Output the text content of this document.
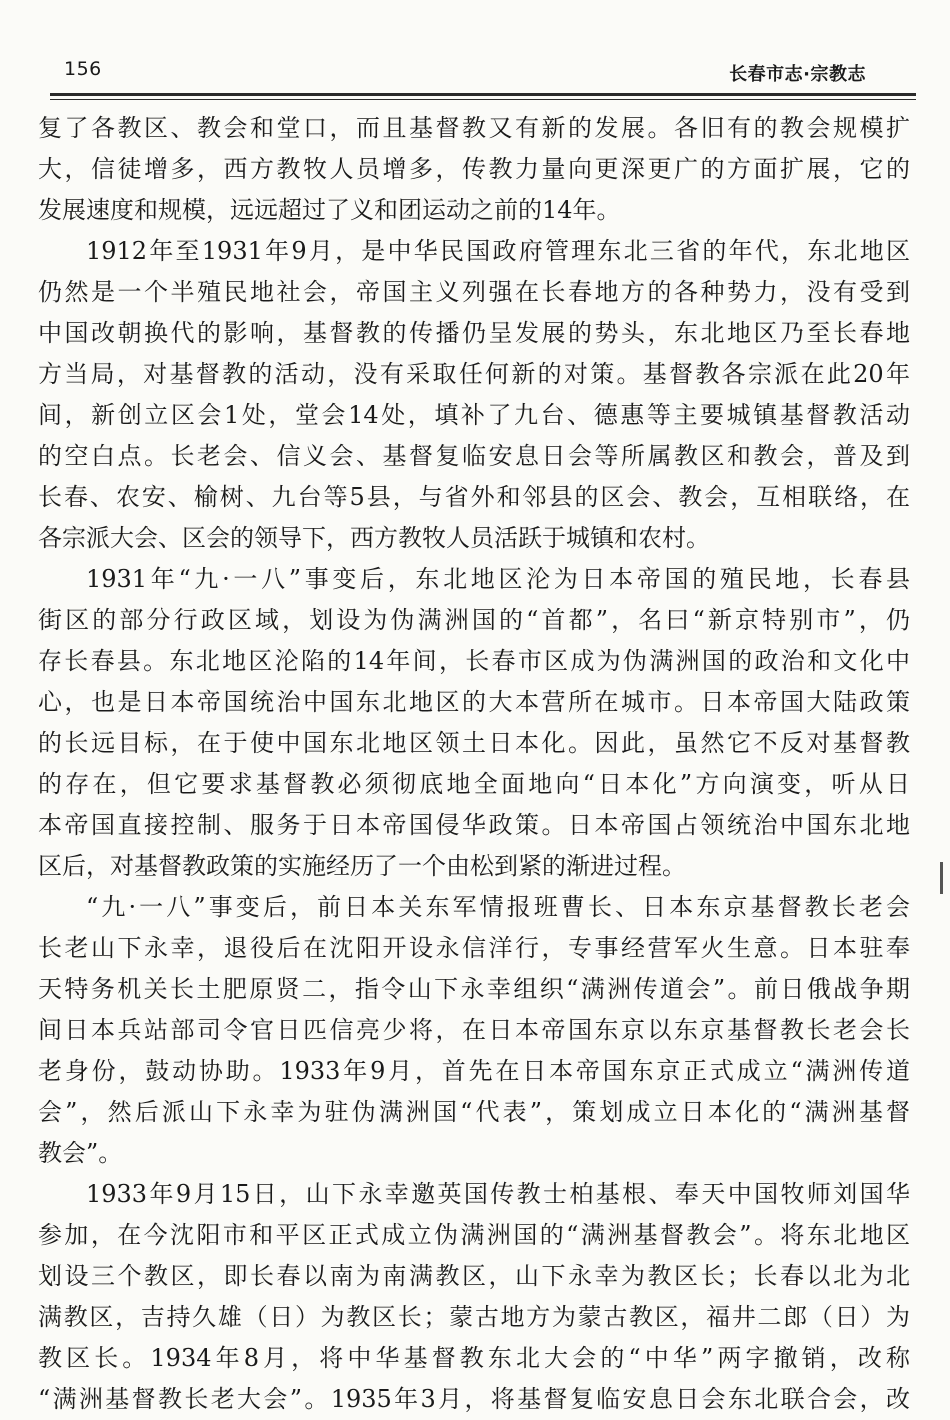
156	长春市志·宗教志
复了各教区、教会和堂口，而且基督教又有新的发展。各旧有的教会规模扩
大，信徒增多，西方教牧人员增多，传教力量向更深更广的方面扩展，它的
发展速度和规模，远远超过了义和团运动之前的14年。
1912年至1931年9月，是中华民国政府管理东北三省的年代，东北地区
仍然是一个半殖民地社会，帝国主义列强在长春地方的各种势力，没有受到
中国改朝换代的影响，基督教的传播仍呈发展的势头，东北地区乃至长春地
方当局，对基督教的活动，没有采取任何新的对策。基督教各宗派在此20年
间，新创立区会1处，堂会14处，填补了九台、德惠等主要城镇基督教活动
的空白点。长老会、信义会、基督复临安息日会等所属教区和教会，普及到
长春、农安、榆树、九台等5县，与省外和邻县的区会、教会，互相联络，在
各宗派大会、区会的领导下，西方教牧人员活跃于城镇和农村。
1931年“九·一八”事变后，东北地区沦为日本帝国的殖民地，长春县
街区的部分行政区域，划设为伪满洲国的“首都”，名曰“新京特别市”，仍
存长春县。东北地区沦陷的14年间，长春市区成为伪满洲国的政治和文化中
心，也是日本帝国统治中国东北地区的大本营所在城市。日本帝国大陆政策
的长远目标，在于使中国东北地区领土日本化。因此，虽然它不反对基督教
的存在，但它要求基督教必须彻底地全面地向“日本化”方向演变，听从日
本帝国直接控制、服务于日本帝国侵华政策。日本帝国占领统治中国东北地
区后，对基督教政策的实施经历了一个由松到紧的渐进过程。
“九·一八”事变后，前日本关东军情报班曹长、日本东京基督教长老会
长老山下永幸，退役后在沈阳开设永信洋行，专事经营军火生意。日本驻奉
天特务机关长土肥原贤二，指令山下永幸组织“满洲传道会”。前日俄战争期
间日本兵站部司令官日匹信亮少将，在日本帝国东京以东京基督教长老会长
老身份，鼓动协助。1933年9月，首先在日本帝国东京正式成立“满洲传道
会”，然后派山下永幸为驻伪满洲国“代表”，策划成立日本化的“满洲基督
教会”。
1933年9月15日，山下永幸邀英国传教士柏基根、奉天中国牧师刘国华
参加，在今沈阳市和平区正式成立伪满洲国的“满洲基督教会”。将东北地区
划设三个教区，即长春以南为南满教区，山下永幸为教区长；长春以北为北
满教区，吉持久雄（日）为教区长；蒙古地方为蒙古教区，福井二郎（日）为
教区长。1934年8月，将中华基督教东北大会的“中华”两字撤销，改称
“满洲基督教长老大会”。1935年3月，将基督复临安息日会东北联合会，改
